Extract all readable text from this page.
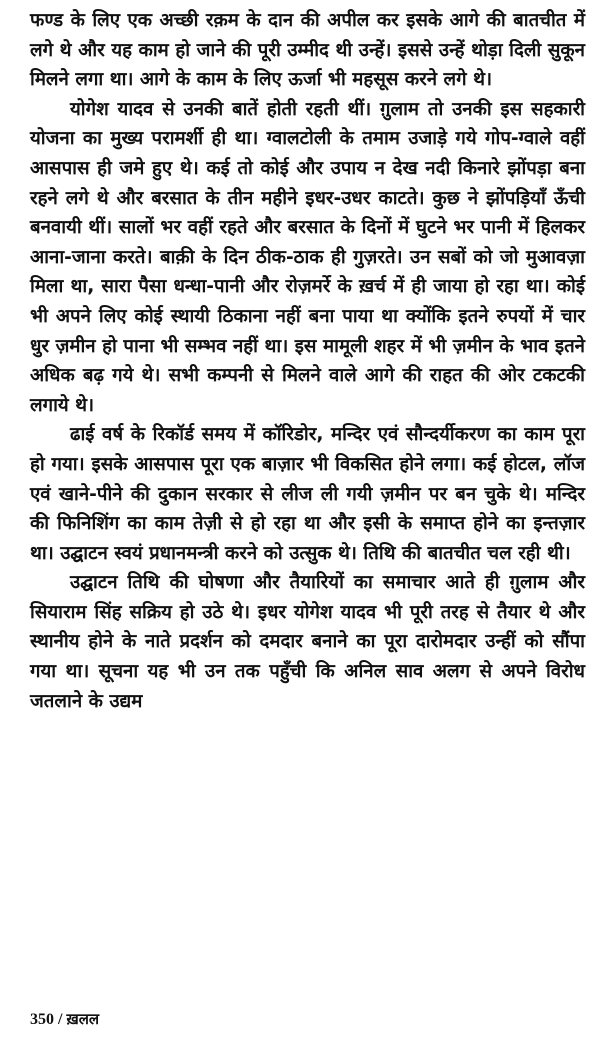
फण्ड के लिए एक अच्छी रक़म के दान की अपील कर इसके आगे की बातचीत में लगे थे और यह काम हो जाने की पूरी उम्मीद थी उन्हें। इससे उन्हें थोड़ा दिली सुकून मिलने लगा था। आगे के काम के लिए ऊर्जा भी महसूस करने लगे थे।

योगेश यादव से उनकी बातें होती रहती थीं। ग़ुलाम तो उनकी इस सहकारी योजना का मुख्य परामर्शी ही था। ग्वालटोली के तमाम उजाड़े गये गोप-ग्वाले वहीं आसपास ही जमे हुए थे। कई तो कोई और उपाय न देख नदी किनारे झोंपड़ा बना रहने लगे थे और बरसात के तीन महीने इधर-उधर काटते। कुछ ने झोंपड़ियाँ ऊँची बनवायी थीं। सालों भर वहीं रहते और बरसात के दिनों में घुटने भर पानी में हिलकर आना-जाना करते। बाक़ी के दिन ठीक-ठाक ही गुज़रते। उन सबों को जो मुआवज़ा मिला था, सारा पैसा धन्धा-पानी और रोज़मर्रे के ख़र्च में ही जाया हो रहा था। कोई भी अपने लिए कोई स्थायी ठिकाना नहीं बना पाया था क्योंकि इतने रुपयों में चार धुर ज़मीन हो पाना भी सम्भव नहीं था। इस मामूली शहर में भी ज़मीन के भाव इतने अधिक बढ़ गये थे। सभी कम्पनी से मिलने वाले आगे की राहत की ओर टकटकी लगाये थे।

ढाई वर्ष के रिकॉर्ड समय में कॉरिडोर, मन्दिर एवं सौन्दर्यीकरण का काम पूरा हो गया। इसके आसपास पूरा एक बाज़ार भी विकसित होने लगा। कई होटल, लॉज एवं खाने-पीने की दुकान सरकार से लीज ली गयी ज़मीन पर बन चुके थे। मन्दिर की फिनिशिंग का काम तेज़ी से हो रहा था और इसी के समाप्त होने का इन्तज़ार था। उद्घाटन स्वयं प्रधानमन्त्री करने को उत्सुक थे। तिथि की बातचीत चल रही थी।

उद्घाटन तिथि की घोषणा और तैयारियों का समाचार आते ही ग़ुलाम और सियाराम सिंह सक्रिय हो उठे थे। इधर योगेश यादव भी पूरी तरह से तैयार थे और स्थानीय होने के नाते प्रदर्शन को दमदार बनाने का पूरा दारोमदार उन्हीं को सौंपा गया था। सूचना यह भी उन तक पहुँची कि अनिल साव अलग से अपने विरोध जतलाने के उद्यम

350 / ख़लल
